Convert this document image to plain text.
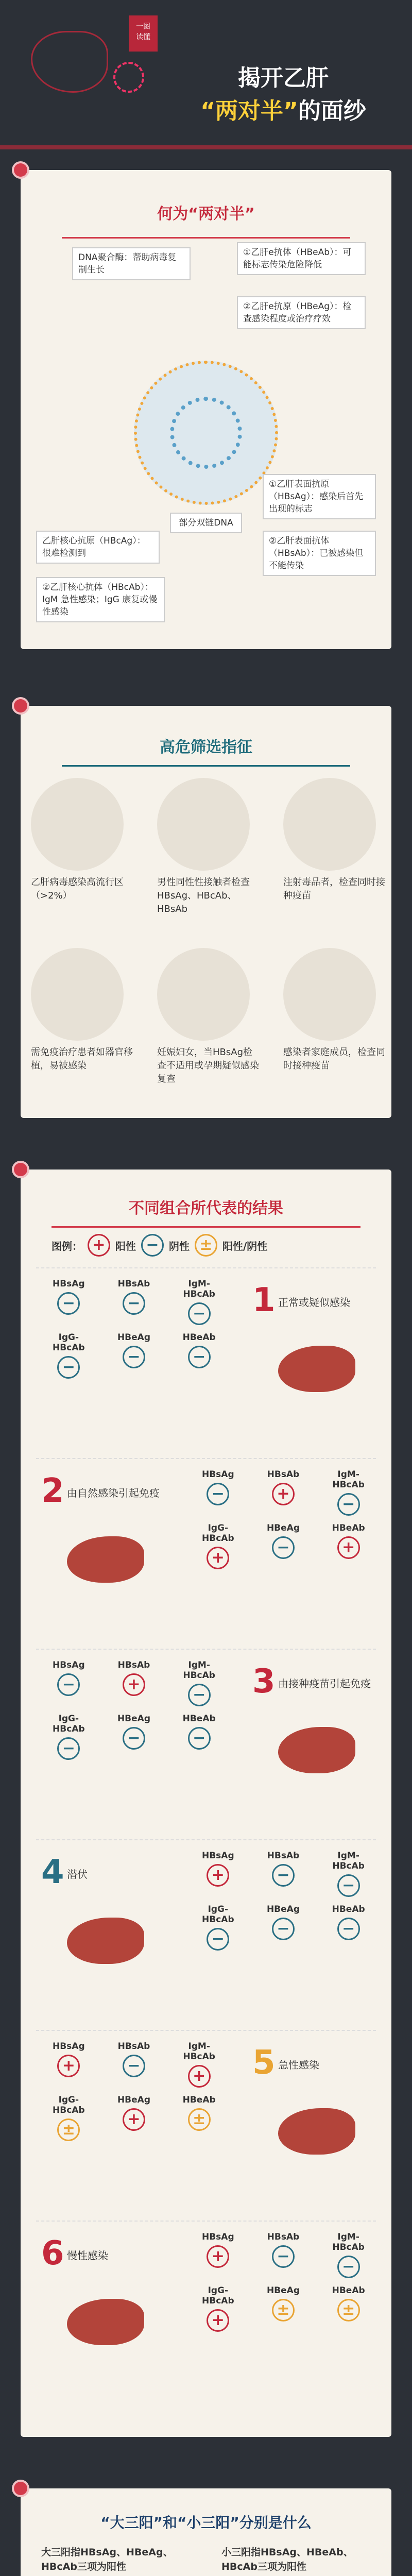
一图
读懂
揭开乙肝
“两对半”的面纱
何为“两对半”
DNA聚合酶：帮助病毒复制生长
①乙肝e抗体（HBeAb）：可能标志传染危险降低
②乙肝e抗原（HBeAg）：检查感染程度或治疗疗效
部分双链DNA
乙肝核心抗原（HBcAg）：很难检测到
①乙肝表面抗原（HBsAg）：感染后首先出现的标志
②乙肝核心抗体（HBcAb）：IgM 急性感染；IgG 康复或慢性感染
②乙肝表面抗体（HBsAb）：已被感染但不能传染
高危筛选指征
乙肝病毒感染高流行区（>2%）
男性同性性接触者检查HBsAg、HBcAb、HBsAb
注射毒品者，检查同时接种疫苗
需免疫治疗患者如器官移植，易被感染
妊娠妇女，当HBsAg检查不适用或孕期疑似感染复查
感染者家庭成员，检查同时接种疫苗
不同组合所代表的结果
图例： + 阳性 − 阴性 ± 阳性/阴性
1 正常或疑似感染
HBsAg
−
HBsAb
−
IgM-HBcAb
−
IgG-HBcAb
−
HBeAg
−
HBeAb
−
2 由自然感染引起免疫
HBsAg
−
HBsAb
+
IgM-HBcAb
−
IgG-HBcAb
+
HBeAg
−
HBeAb
+
3 由接种疫苗引起免疫
HBsAg
−
HBsAb
+
IgM-HBcAb
−
IgG-HBcAb
−
HBeAg
−
HBeAb
−
4 潜伏
HBsAg
+
HBsAb
−
IgM-HBcAb
−
IgG-HBcAb
−
HBeAg
−
HBeAb
−
5 急性感染
HBsAg
+
HBsAb
−
IgM-HBcAb
+
IgG-HBcAb
±
HBeAg
+
HBeAb
±
6 慢性感染
HBsAg
+
HBsAb
−
IgM-HBcAb
−
IgG-HBcAb
+
HBeAg
±
HBeAb
±
“大三阳”和“小三阳”分别是什么
大三阳指HBsAg、HBeAg、HBcAb三项为阳性
小三阳指HBsAg、HBeAb、HBcAb三项为阳性
